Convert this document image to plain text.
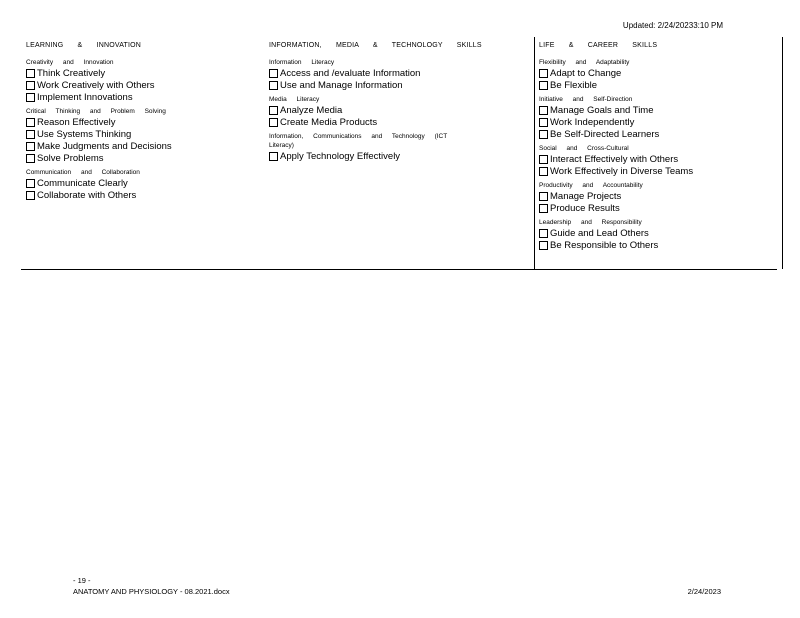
Updated: 2/24/20233:10 PM
LEARNING & INNOVATION
Creativity and Innovation
Think Creatively
Work Creatively with Others
Implement Innovations
Critical Thinking and Problem Solving
Reason Effectively
Use Systems Thinking
Make Judgments and Decisions
Solve Problems
Communication and Collaboration
Communicate Clearly
Collaborate with Others
INFORMATION, MEDIA & TECHNOLOGY SKILLS
Information Literacy
Access and /evaluate Information
Use and Manage Information
Media Literacy
Analyze Media
Create Media Products
Information, Communications and Technology (ICT Literacy)
Apply Technology Effectively
LIFE & CAREER SKILLS
Flexibility and Adaptability
Adapt to Change
Be Flexible
Initiative and Self-Direction
Manage Goals and Time
Work Independently
Be Self-Directed Learners
Social and Cross-Cultural
Interact Effectively with Others
Work Effectively in Diverse Teams
Productivity and Accountability
Manage Projects
Produce Results
Leadership and Responsibility
Guide and Lead Others
Be Responsible to Others
- 19 -
ANATOMY AND PHYSIOLOGY - 08.2021.docx	2/24/2023
